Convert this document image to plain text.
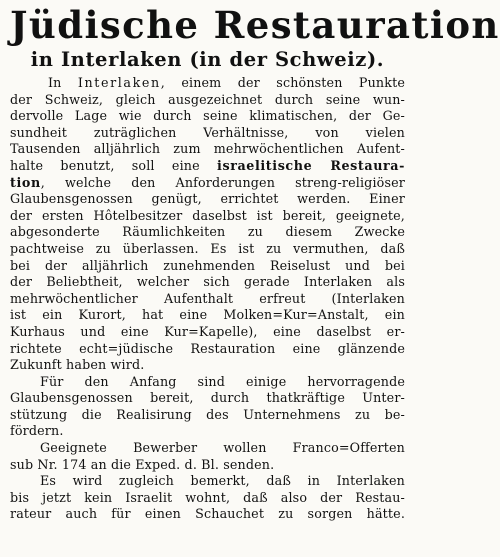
Jüdische Restauration
in Interlaken (in der Schweiz).
In Interlaken, einem der schönsten Punkte
der Schweiz, gleich ausgezeichnet durch seine wun-
dervolle Lage wie durch seine klimatischen, der Ge-
sundheit zuträglichen Verhältnisse, von vielen
Tausenden alljährlich zum mehrwöchentlichen Aufent-
halte benutzt, soll eine israelitische Restaura-
tion, welche den Anforderungen streng-religiöser
Glaubensgenossen genügt, errichtet werden. Einer
der ersten Hôtelbesitzer daselbst ist bereit, geeignete,
abgesonderte Räumlichkeiten zu diesem Zwecke
pachtweise zu überlassen. Es ist zu vermuthen, daß
bei der alljährlich zunehmenden Reiselust und bei
der Beliebtheit, welcher sich gerade Interlaken als
mehrwöchentlicher Aufenthalt erfreut (Interlaken
ist ein Kurort, hat eine Molken=Kur=Anstalt, ein
Kurhaus und eine Kur=Kapelle), eine daselbst er-
richtete echt=jüdische Restauration eine glänzende
Zukunft haben wird.
Für den Anfang sind einige hervorragende
Glaubensgenossen bereit, durch thatkräftige Unter-
stützung die Realisirung des Unternehmens zu be-
fördern.
Geeignete Bewerber wollen Franco=Offerten
sub Nr. 174 an die Exped. d. Bl. senden.
Es wird zugleich bemerkt, daß in Interlaken
bis jetzt kein Israelit wohnt, daß also der Restau-
rateur auch für einen Schauchet zu sorgen hätte.
